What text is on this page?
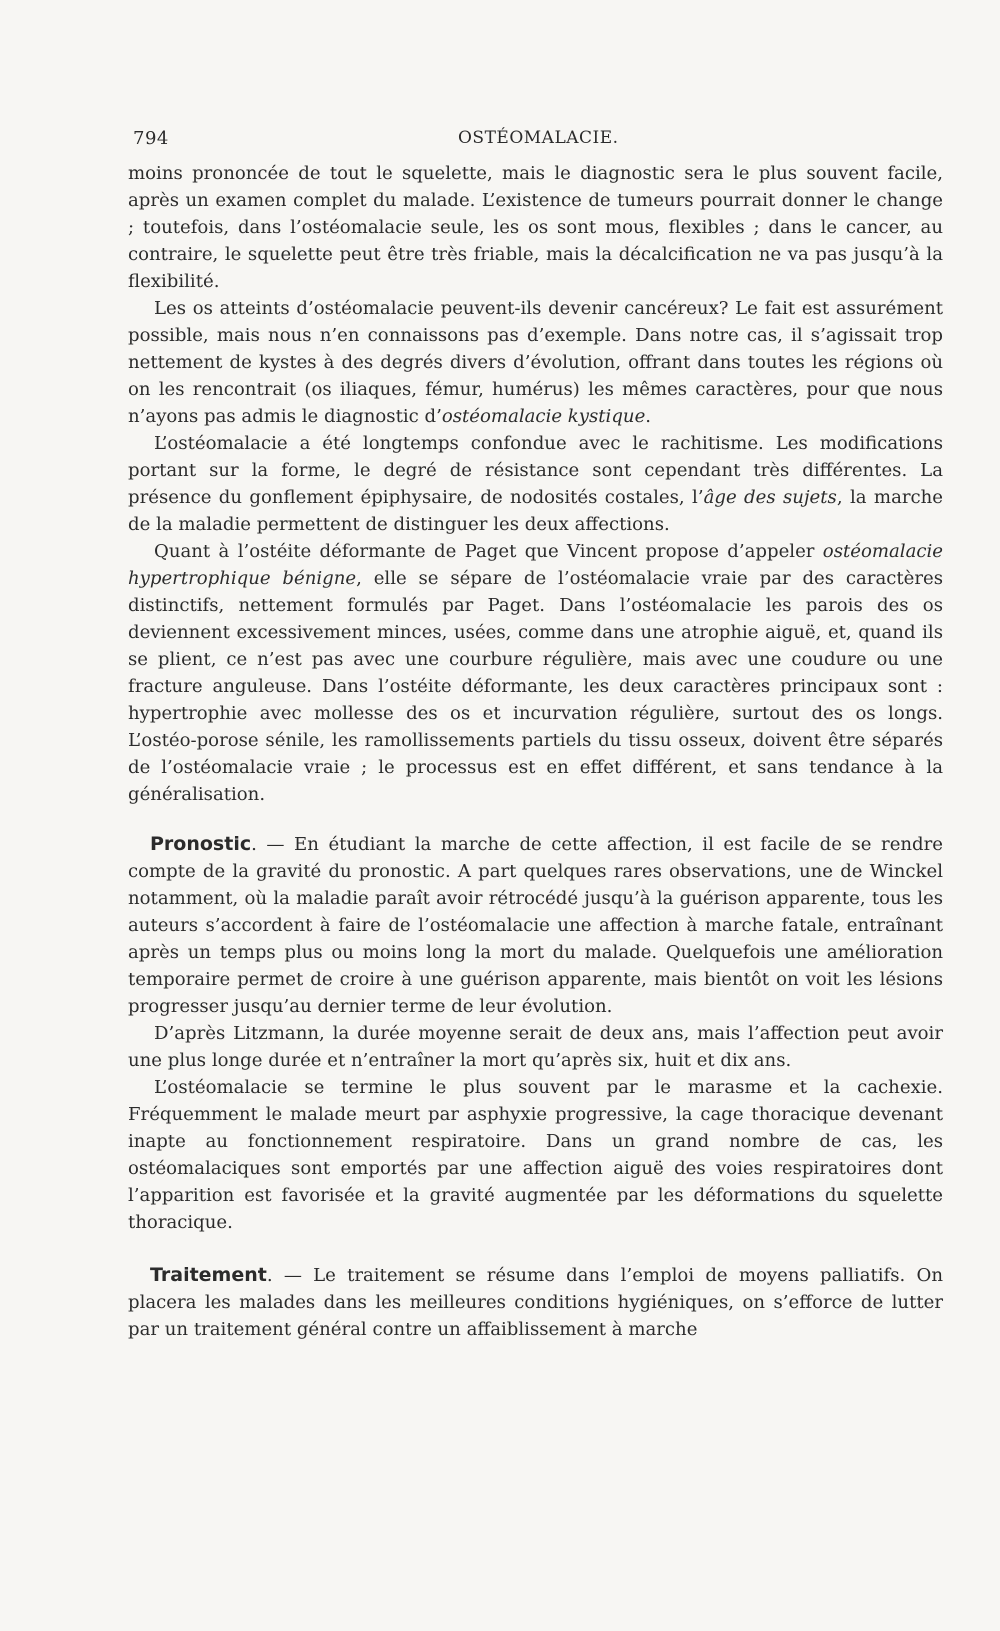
794	OSTÉOMALACIE.

moins prononcée de tout le squelette, mais le diagnostic sera le plus souvent facile, après un examen complet du malade. L’existence de tumeurs pourrait donner le change ; toutefois, dans l’ostéomalacie seule, les os sont mous, flexibles ; dans le cancer, au contraire, le squelette peut être très friable, mais la décalcification ne va pas jusqu’à la flexibilité.

Les os atteints d’ostéomalacie peuvent-ils devenir cancéreux? Le fait est assurément possible, mais nous n’en connaissons pas d’exemple. Dans notre cas, il s’agissait trop nettement de kystes à des degrés divers d’évolution, offrant dans toutes les régions où on les rencontrait (os iliaques, fémur, humérus) les mêmes caractères, pour que nous n’ayons pas admis le diagnostic d’ostéomalacie kystique.

L’ostéomalacie a été longtemps confondue avec le rachitisme. Les modifications portant sur la forme, le degré de résistance sont cependant très différentes. La présence du gonflement épiphysaire, de nodosités costales, l’âge des sujets, la marche de la maladie permettent de distinguer les deux affections.

Quant à l’ostéite déformante de Paget que Vincent propose d’appeler ostéomalacie hypertrophique bénigne, elle se sépare de l’ostéomalacie vraie par des caractères distinctifs, nettement formulés par Paget. Dans l’ostéomalacie les parois des os deviennent excessivement minces, usées, comme dans une atrophie aiguë, et, quand ils se plient, ce n’est pas avec une courbure régulière, mais avec une coudure ou une fracture anguleuse. Dans l’ostéite déformante, les deux caractères principaux sont : hypertrophie avec mollesse des os et incurvation régulière, surtout des os longs. L’ostéo-porose sénile, les ramollissements partiels du tissu osseux, doivent être séparés de l’ostéomalacie vraie ; le processus est en effet différent, et sans tendance à la généralisation.

Pronostic. — En étudiant la marche de cette affection, il est facile de se rendre compte de la gravité du pronostic. A part quelques rares observations, une de Winckel notamment, où la maladie paraît avoir rétrocédé jusqu’à la guérison apparente, tous les auteurs s’accordent à faire de l’ostéomalacie une affection à marche fatale, entraînant après un temps plus ou moins long la mort du malade. Quelquefois une amélioration temporaire permet de croire à une guérison apparente, mais bientôt on voit les lésions progresser jusqu’au dernier terme de leur évolution.

D’après Litzmann, la durée moyenne serait de deux ans, mais l’affection peut avoir une plus longe durée et n’entraîner la mort qu’après six, huit et dix ans.

L’ostéomalacie se termine le plus souvent par le marasme et la cachexie. Fréquemment le malade meurt par asphyxie progressive, la cage thoracique devenant inapte au fonctionnement respiratoire. Dans un grand nombre de cas, les ostéomalaciques sont emportés par une affection aiguë des voies respiratoires dont l’apparition est favorisée et la gravité augmentée par les déformations du squelette thoracique.

Traitement. — Le traitement se résume dans l’emploi de moyens palliatifs. On placera les malades dans les meilleures conditions hygiéniques, on s’efforce de lutter par un traitement général contre un affaiblissement à marche
